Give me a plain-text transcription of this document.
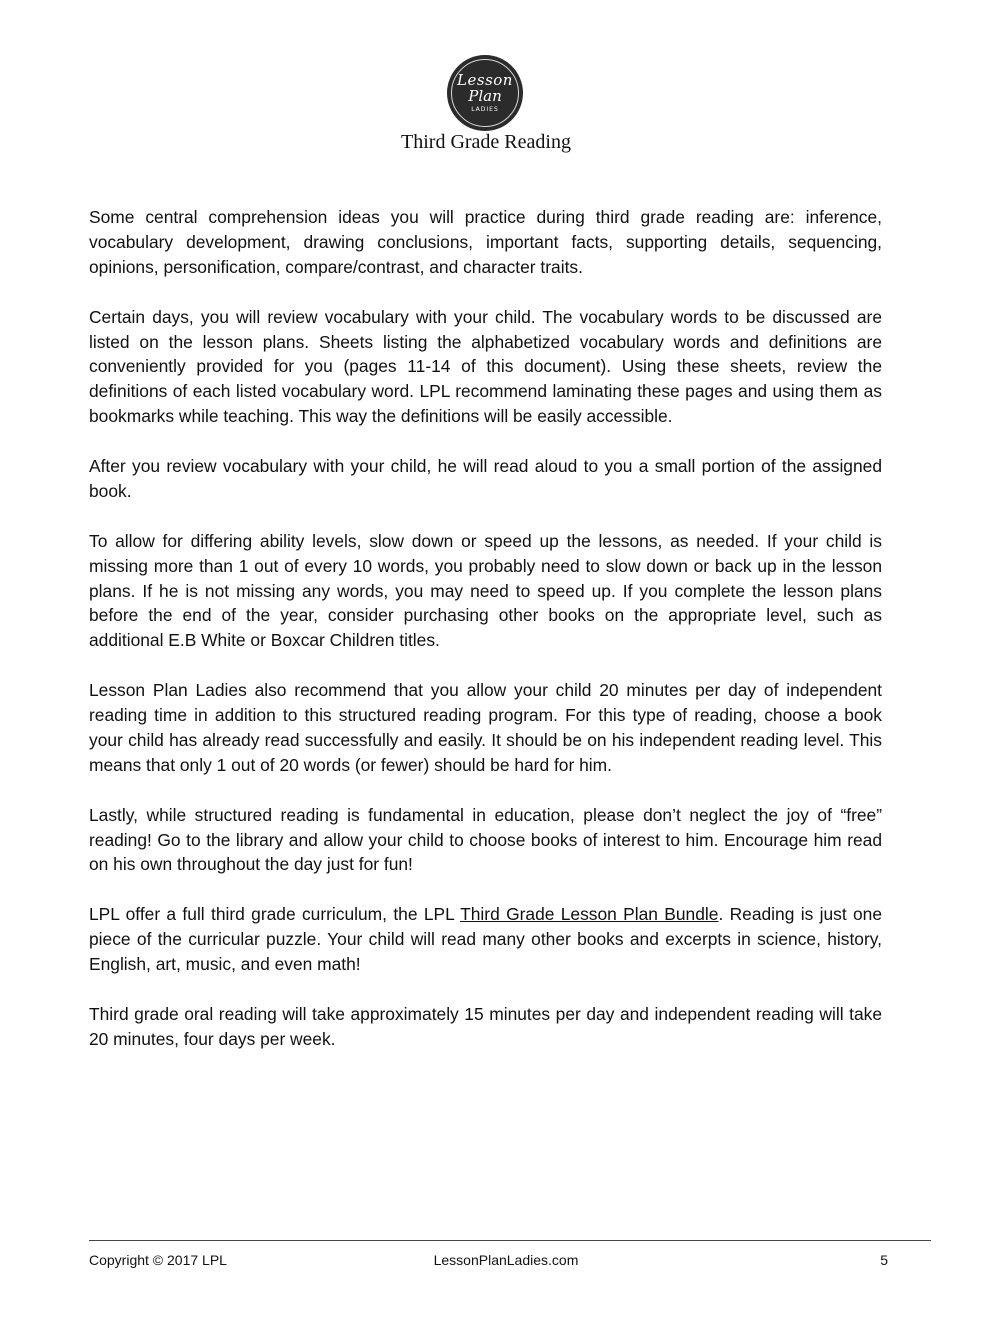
Lesson
Plan
LADIES
Third Grade Reading

Some central comprehension ideas you will practice during third grade reading are: inference, vocabulary development, drawing conclusions, important facts, supporting details, sequencing, opinions, personification, compare/contrast, and character traits.

Certain days, you will review vocabulary with your child. The vocabulary words to be discussed are listed on the lesson plans. Sheets listing the alphabetized vocabulary words and definitions are conveniently provided for you (pages 11-14 of this document). Using these sheets, review the definitions of each listed vocabulary word. LPL recommend laminating these pages and using them as bookmarks while teaching. This way the definitions will be easily accessible.

After you review vocabulary with your child, he will read aloud to you a small portion of the assigned book.

To allow for differing ability levels, slow down or speed up the lessons, as needed. If your child is missing more than 1 out of every 10 words, you probably need to slow down or back up in the lesson plans. If he is not missing any words, you may need to speed up. If you complete the lesson plans before the end of the year, consider purchasing other books on the appropriate level, such as additional E.B White or Boxcar Children titles.

Lesson Plan Ladies also recommend that you allow your child 20 minutes per day of independent reading time in addition to this structured reading program. For this type of reading, choose a book your child has already read successfully and easily. It should be on his independent reading level. This means that only 1 out of 20 words (or fewer) should be hard for him.

Lastly, while structured reading is fundamental in education, please don’t neglect the joy of “free” reading! Go to the library and allow your child to choose books of interest to him. Encourage him read on his own throughout the day just for fun!

LPL offer a full third grade curriculum, the LPL Third Grade Lesson Plan Bundle. Reading is just one piece of the curricular puzzle. Your child will read many other books and excerpts in science, history, English, art, music, and even math!

Third grade oral reading will take approximately 15 minutes per day and independent reading will take 20 minutes, four days per week.

Copyright © 2017 LPL	LessonPlanLadies.com	5
